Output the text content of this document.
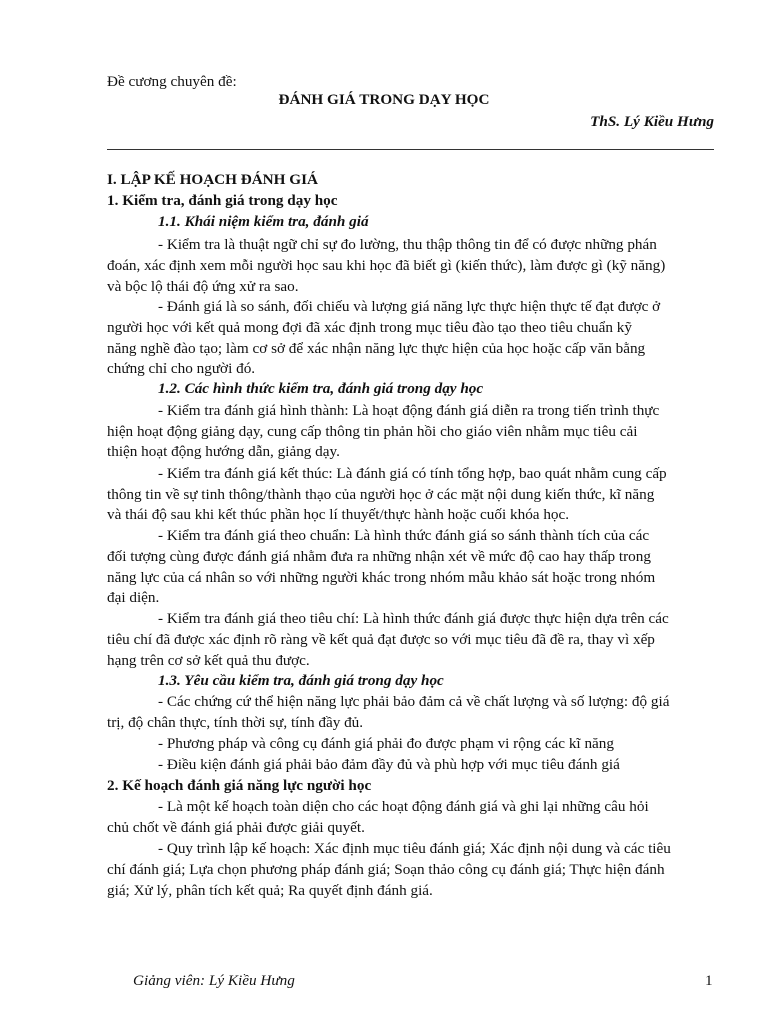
Đề cương chuyên đề:
ĐÁNH GIÁ TRONG DẠY HỌC
ThS. Lý Kiều Hưng
I. LẬP KẾ HOẠCH ĐÁNH GIÁ
1. Kiểm tra, đánh giá trong dạy học
1.1. Khái niệm kiểm tra, đánh giá
- Kiểm tra là thuật ngữ chỉ sự đo lường, thu thập thông tin để có được những phán
đoán, xác định xem mỗi người học sau khi học đã biết gì (kiến thức), làm được gì (kỹ năng)
và bộc lộ thái độ ứng xử ra sao.
- Đánh giá là so sánh, đối chiếu và lượng giá năng lực thực hiện thực tế đạt được ở
người học với kết quả mong đợi đã xác định trong mục tiêu đào tạo theo tiêu chuẩn kỹ
năng nghề đào tạo; làm cơ sở để xác nhận năng lực thực hiện của học hoặc cấp văn bằng
chứng chỉ cho người đó.
1.2. Các hình thức kiểm tra, đánh giá trong dạy học
- Kiểm tra đánh giá hình thành: Là hoạt động đánh giá diễn ra trong tiến trình thực
hiện hoạt động giảng dạy, cung cấp thông tin phản hồi cho giáo viên nhằm mục tiêu cải
thiện hoạt động hướng dẫn, giảng dạy.
- Kiểm tra đánh giá kết thúc: Là đánh giá có tính tổng hợp, bao quát nhằm cung cấp
thông tin về sự tinh thông/thành thạo của người học ở các mặt nội dung kiến thức, kĩ năng
và thái độ sau khi kết thúc phần học lí thuyết/thực hành hoặc cuối khóa học.
- Kiểm tra đánh giá theo chuẩn: Là hình thức đánh giá so sánh thành tích của các
đối tượng cùng được đánh giá nhằm đưa ra những nhận xét về mức độ cao hay thấp trong
năng lực của cá nhân so với những người khác trong nhóm mẫu khảo sát hoặc trong nhóm
đại diện.
- Kiểm tra đánh giá theo tiêu chí: Là hình thức đánh giá được thực hiện dựa trên các
tiêu chí đã được xác định rõ ràng về kết quả đạt được so với mục tiêu đã đề ra, thay vì xếp
hạng trên cơ sở kết quả thu được.
1.3. Yêu cầu kiểm tra, đánh giá trong dạy học
- Các chứng cứ thể hiện năng lực phải bảo đảm cả về chất lượng và số lượng: độ giá
trị, độ chân thực, tính thời sự, tính đầy đủ.
- Phương pháp và công cụ đánh giá phải đo được phạm vi rộng các kĩ năng
- Điều kiện đánh giá phải bảo đảm đầy đủ và phù hợp với mục tiêu đánh giá
2. Kế hoạch đánh giá năng lực người học
- Là một kế hoạch toàn diện cho các hoạt động đánh giá và ghi lại những câu hỏi
chủ chốt về đánh giá phải được giải quyết.
- Quy trình lập kế hoạch: Xác định mục tiêu đánh giá; Xác định nội dung và các tiêu
chí đánh giá; Lựa chọn phương pháp đánh giá; Soạn thảo công cụ đánh giá; Thực hiện đánh
giá; Xử lý, phân tích kết quả; Ra quyết định đánh giá.
Giảng viên: Lý Kiều Hưng	1
